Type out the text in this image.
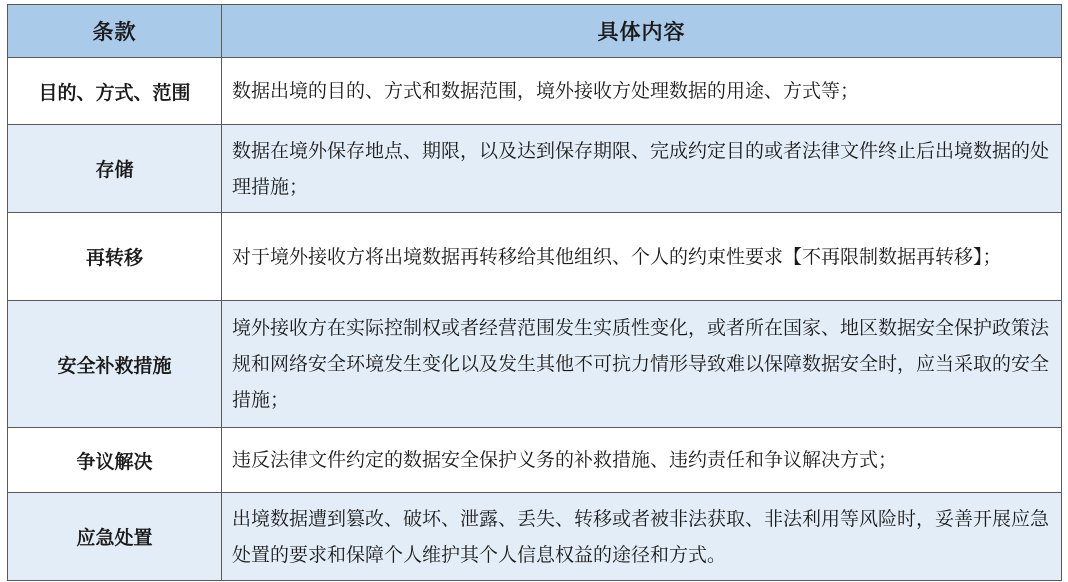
条款	具体内容
目的、方式、范围	数据出境的目的、方式和数据范围，境外接收方处理数据的用途、方式等；
存储	数据在境外保存地点、期限，以及达到保存期限、完成约定目的或者法律文件终止后出境数据的处理措施；
再转移	对于境外接收方将出境数据再转移给其他组织、个人的约束性要求【不再限制数据再转移】；
安全补救措施	境外接收方在实际控制权或者经营范围发生实质性变化，或者所在国家、地区数据安全保护政策法规和网络安全环境发生变化以及发生其他不可抗力情形导致难以保障数据安全时，应当采取的安全措施；
争议解决	违反法律文件约定的数据安全保护义务的补救措施、违约责任和争议解决方式；
应急处置	出境数据遭到篡改、破坏、泄露、丢失、转移或者被非法获取、非法利用等风险时，妥善开展应急处置的要求和保障个人维护其个人信息权益的途径和方式。
